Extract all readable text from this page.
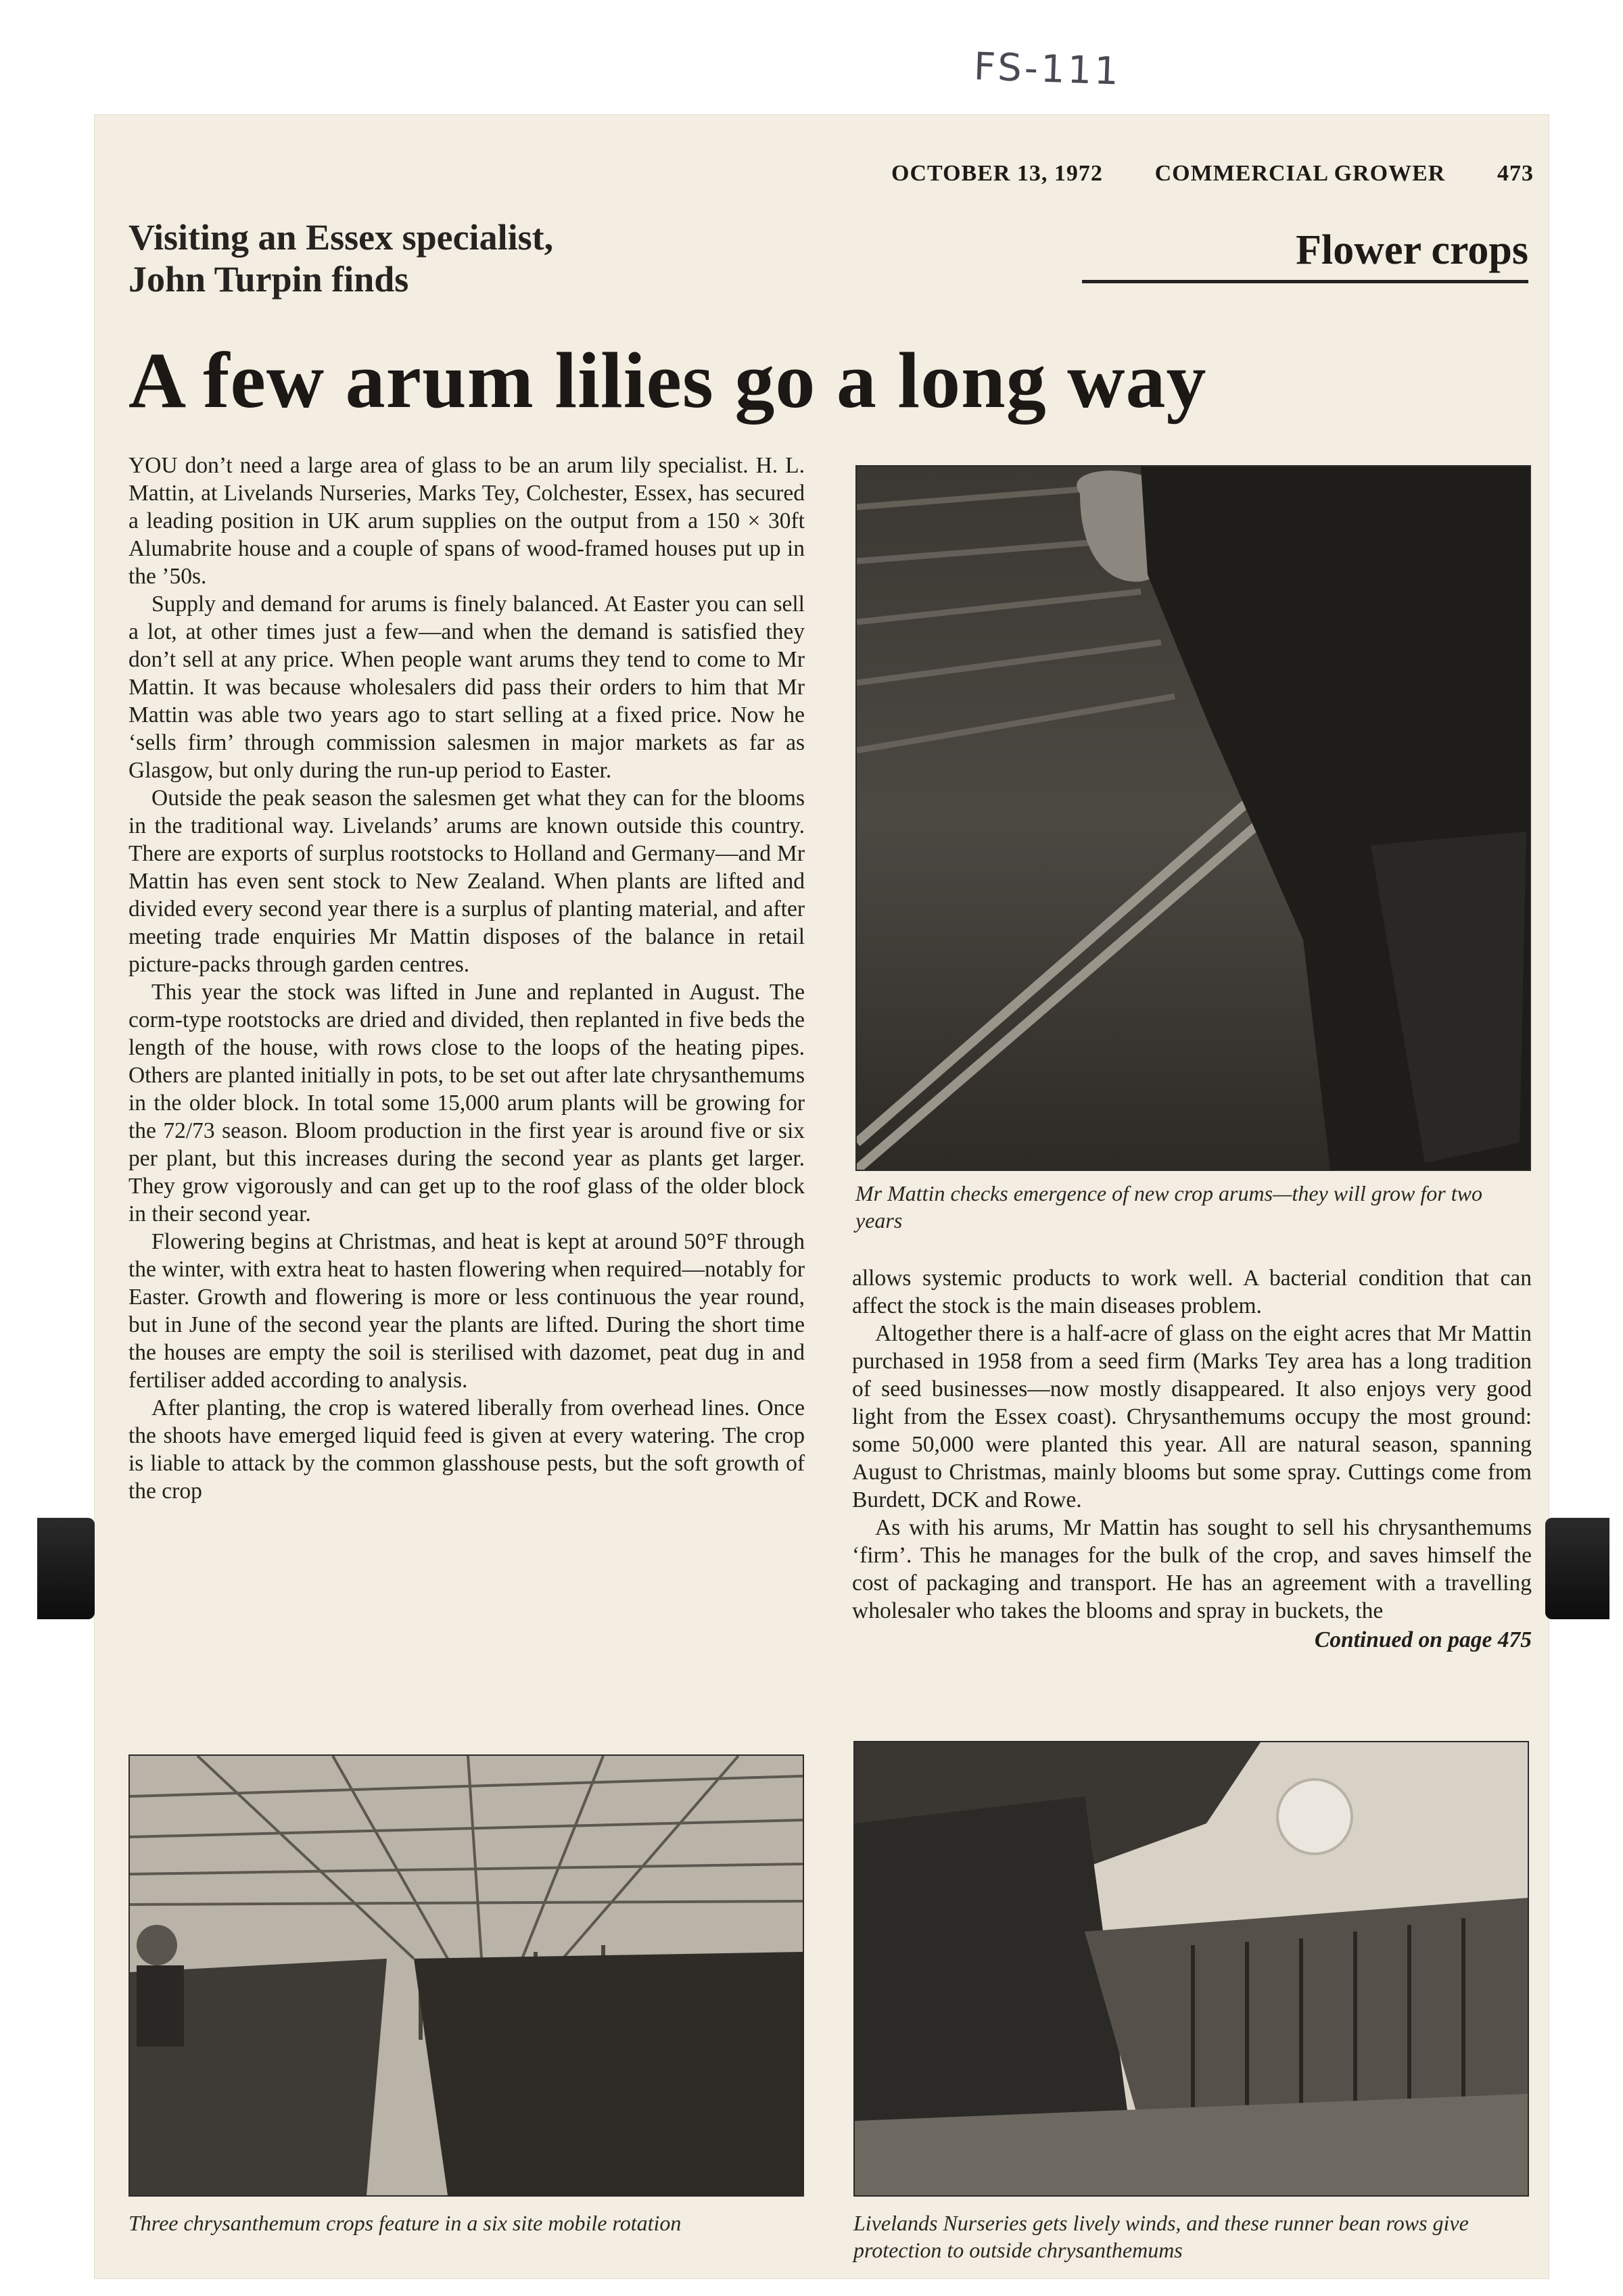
FS-111
OCTOBER 13, 1972 COMMERCIAL GROWER 473
Visiting an Essex specialist,
John Turpin finds
Flower crops
A few arum lilies go a long way

YOU don’t need a large area of glass to be an arum lily specialist. H. L. Mattin, at Livelands Nurseries, Marks Tey, Colchester, Essex, has secured a leading position in UK arum supplies on the output from a 150 × 30ft Alumabrite house and a couple of spans of wood-framed houses put up in the ’50s.

Supply and demand for arums is finely balanced. At Easter you can sell a lot, at other times just a few—and when the demand is satisfied they don’t sell at any price. When people want arums they tend to come to Mr Mattin. It was because wholesalers did pass their orders to him that Mr Mattin was able two years ago to start selling at a fixed price. Now he ‘sells firm’ through commission salesmen in major markets as far as Glasgow, but only during the run-up period to Easter.

Outside the peak season the salesmen get what they can for the blooms in the traditional way. Livelands’ arums are known outside this country. There are exports of surplus rootstocks to Holland and Germany—and Mr Mattin has even sent stock to New Zealand. When plants are lifted and divided every second year there is a surplus of planting material, and after meeting trade enquiries Mr Mattin disposes of the balance in retail picture-packs through garden centres.

This year the stock was lifted in June and replanted in August. The corm-type rootstocks are dried and divided, then replanted in five beds the length of the house, with rows close to the loops of the heating pipes. Others are planted initially in pots, to be set out after late chrysanthemums in the older block. In total some 15,000 arum plants will be growing for the 72/73 season. Bloom production in the first year is around five or six per plant, but this increases during the second year as plants get larger. They grow vigorously and can get up to the roof glass of the older block in their second year.

Flowering begins at Christmas, and heat is kept at around 50°F through the winter, with extra heat to hasten flowering when required—notably for Easter. Growth and flowering is more or less continuous the year round, but in June of the second year the plants are lifted. During the short time the houses are empty the soil is sterilised with dazomet, peat dug in and fertiliser added according to analysis.

After planting, the crop is watered liberally from overhead lines. Once the shoots have emerged liquid feed is given at every watering. The crop is liable to attack by the common glasshouse pests, but the soft growth of the crop

Mr Mattin checks emergence of new crop arums—they will grow for two years

allows systemic products to work well. A bacterial condition that can affect the stock is the main diseases problem.

Altogether there is a half-acre of glass on the eight acres that Mr Mattin purchased in 1958 from a seed firm (Marks Tey area has a long tradition of seed businesses—now mostly disappeared. It also enjoys very good light from the Essex coast). Chrysanthemums occupy the most ground: some 50,000 were planted this year. All are natural season, spanning August to Christmas, mainly blooms but some spray. Cuttings come from Burdett, DCK and Rowe.

As with his arums, Mr Mattin has sought to sell his chrysanthemums ‘firm’. This he manages for the bulk of the crop, and saves himself the cost of packaging and transport. He has an agreement with a travelling wholesaler who takes the blooms and spray in buckets, the

Continued on page 475
Three chrysanthemum crops feature in a six site mobile rotation	Livelands Nurseries gets lively winds, and these runner bean rows give protection to outside chrysanthemums
